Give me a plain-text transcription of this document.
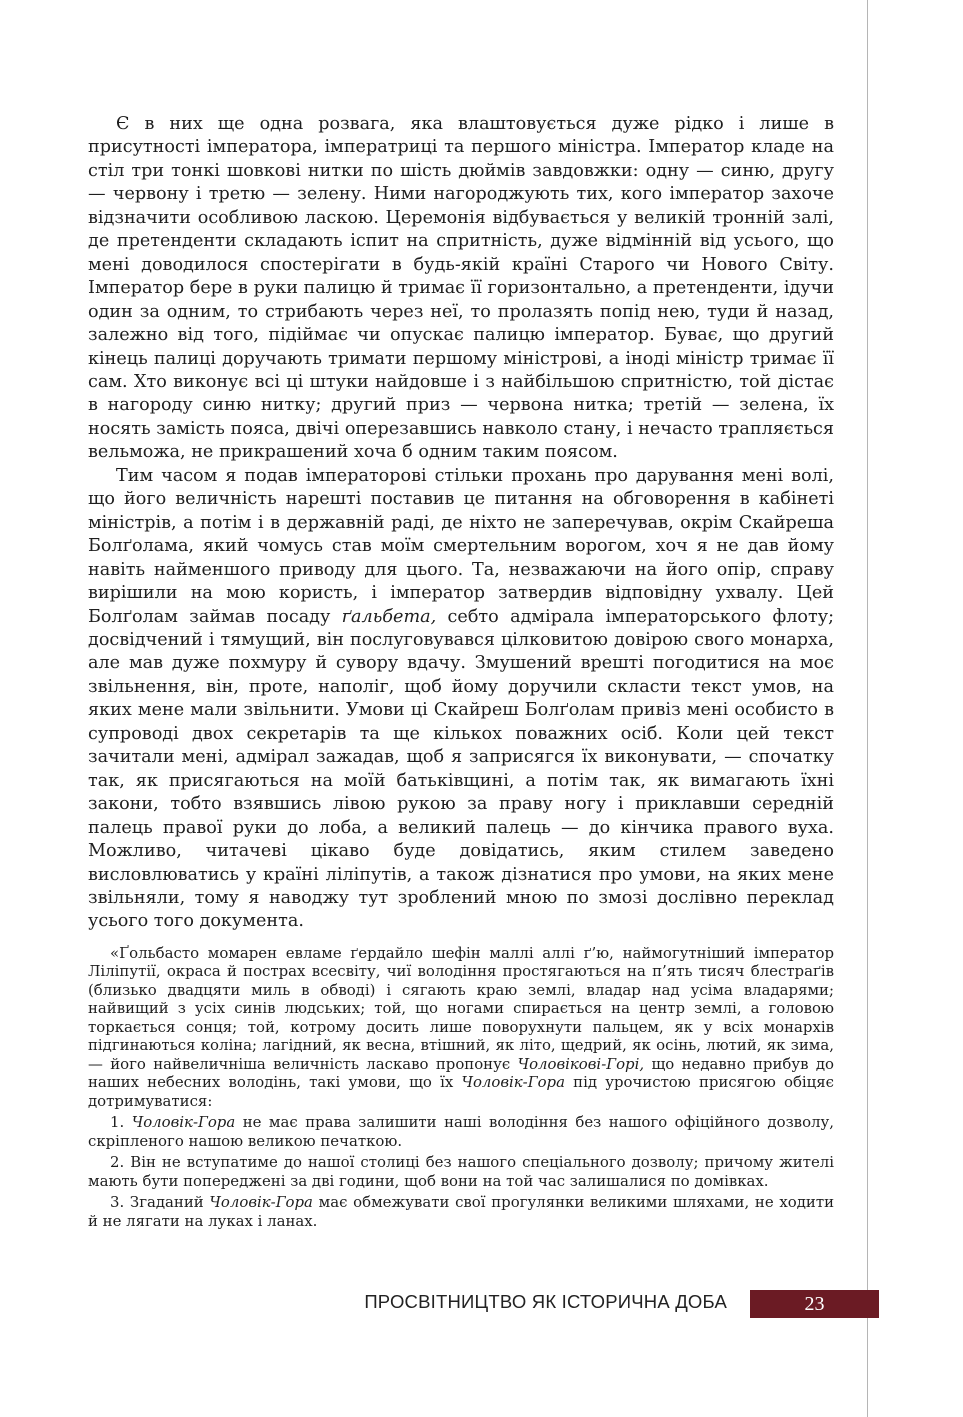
Є в них ще одна розвага, яка влаштовується дуже рідко і лише в присутності імператора, імператриці та першого міністра. Імператор кладе на стіл три тонкі шовкові нитки по шість дюймів завдовжки: одну — синю, другу — червону і третю — зелену. Ними нагороджують тих, кого імператор захоче відзначити особливою ласкою. Церемонія відбувається у великій тронній залі, де претенденти складають іспит на спритність, дуже відмінній від усього, що мені доводилося спостерігати в будь-якій країні Старого чи Нового Світу. Імператор бере в руки палицю й тримає її горизонтально, а претенденти, ідучи один за одним, то стрибають через неї, то пролазять попід нею, туди й назад, залежно від того, підіймає чи опускає палицю імператор. Буває, що другий кінець палиці доручають тримати першому міністрові, а іноді міністр тримає її сам. Хто виконує всі ці штуки найдовше і з найбільшою спритністю, той дістає в нагороду синю нитку; другий приз — червона нитка; третій — зелена, їх носять замість пояса, двічі оперезавшись навколо стану, і нечасто трапляється вельможа, не прикрашений хоча б одним таким поясом.

Тим часом я подав імператорові стільки прохань про дарування мені волі, що його величність нарешті поставив це питання на обговорення в кабінеті міністрів, а потім і в державній раді, де ніхто не заперечував, окрім Скайреша Болґолама, який чомусь став моїм смертельним ворогом, хоч я не дав йому навіть найменшого приводу для цього. Та, незважаючи на його опір, справу вирішили на мою користь, і імператор затвердив відповідну ухвалу. Цей Болґолам займав посаду ґальбета, себто адмірала імператорського флоту; досвідчений і тямущий, він послуговувався цілковитою довірою свого монарха, але мав дуже похмуру й сувору вдачу. Змушений врешті погодитися на моє звільнення, він, проте, наполіг, щоб йому доручили скласти текст умов, на яких мене мали звільнити. Умови ці Скайреш Болґолам привіз мені особисто в супроводі двох секретарів та ще кількох поважних осіб. Коли цей текст зачитали мені, адмірал зажадав, щоб я заприсягся їх виконувати, — спочатку так, як присягаються на моїй батьківщині, а потім так, як вимагають їхні закони, тобто взявшись лівою рукою за праву ногу і приклавши середній палець правої руки до лоба, а великий палець — до кінчика правого вуха. Можливо, читачеві цікаво буде довідатись, яким стилем заведено висловлюватись у країні ліліпутів, а також дізнатися про умови, на яких мене звільняли, тому я наводжу тут зроблений мною по змозі дослівно переклад усього того документа.

«Ґольбасто момарен евламе ґердайло шефін маллі аллі ґ’ю, наймогутніший імператор Ліліпутії, окраса й пострах всесвіту, чиї володіння простягаються на п’ять тисяч блестраґів (близько двадцяти миль в обводі) і сягають краю землі, владар над усіма владарями; найвищий з усіх синів людських; той, що ногами спирається на центр землі, а головою торкається сонця; той, котрому досить лише поворухнути пальцем, як у всіх монархів підгинаються коліна; лагідний, як весна, втішний, як літо, щедрий, як осінь, лютий, як зима, — його найвеличніша величність ласкаво пропонує Чоловікові-Горі, що недавно прибув до наших небесних володінь, такі умови, що їх Чоловік-Гора під урочистою присягою обіцяє дотримуватися:

1. Чоловік-Гора не має права залишити наші володіння без нашого офіційного дозволу, скріпленого нашою великою печаткою.

2. Він не вступатиме до нашої столиці без нашого спеціального дозволу; причому жителі мають бути попереджені за дві години, щоб вони на той час залишалися по домівках.

3. Згаданий Чоловік-Гора має обмежувати свої прогулянки великими шляхами, не ходити й не лягати на луках і ланах.

ПРОСВІТНИЦТВО ЯК ІСТОРИЧНА ДОБА	23
